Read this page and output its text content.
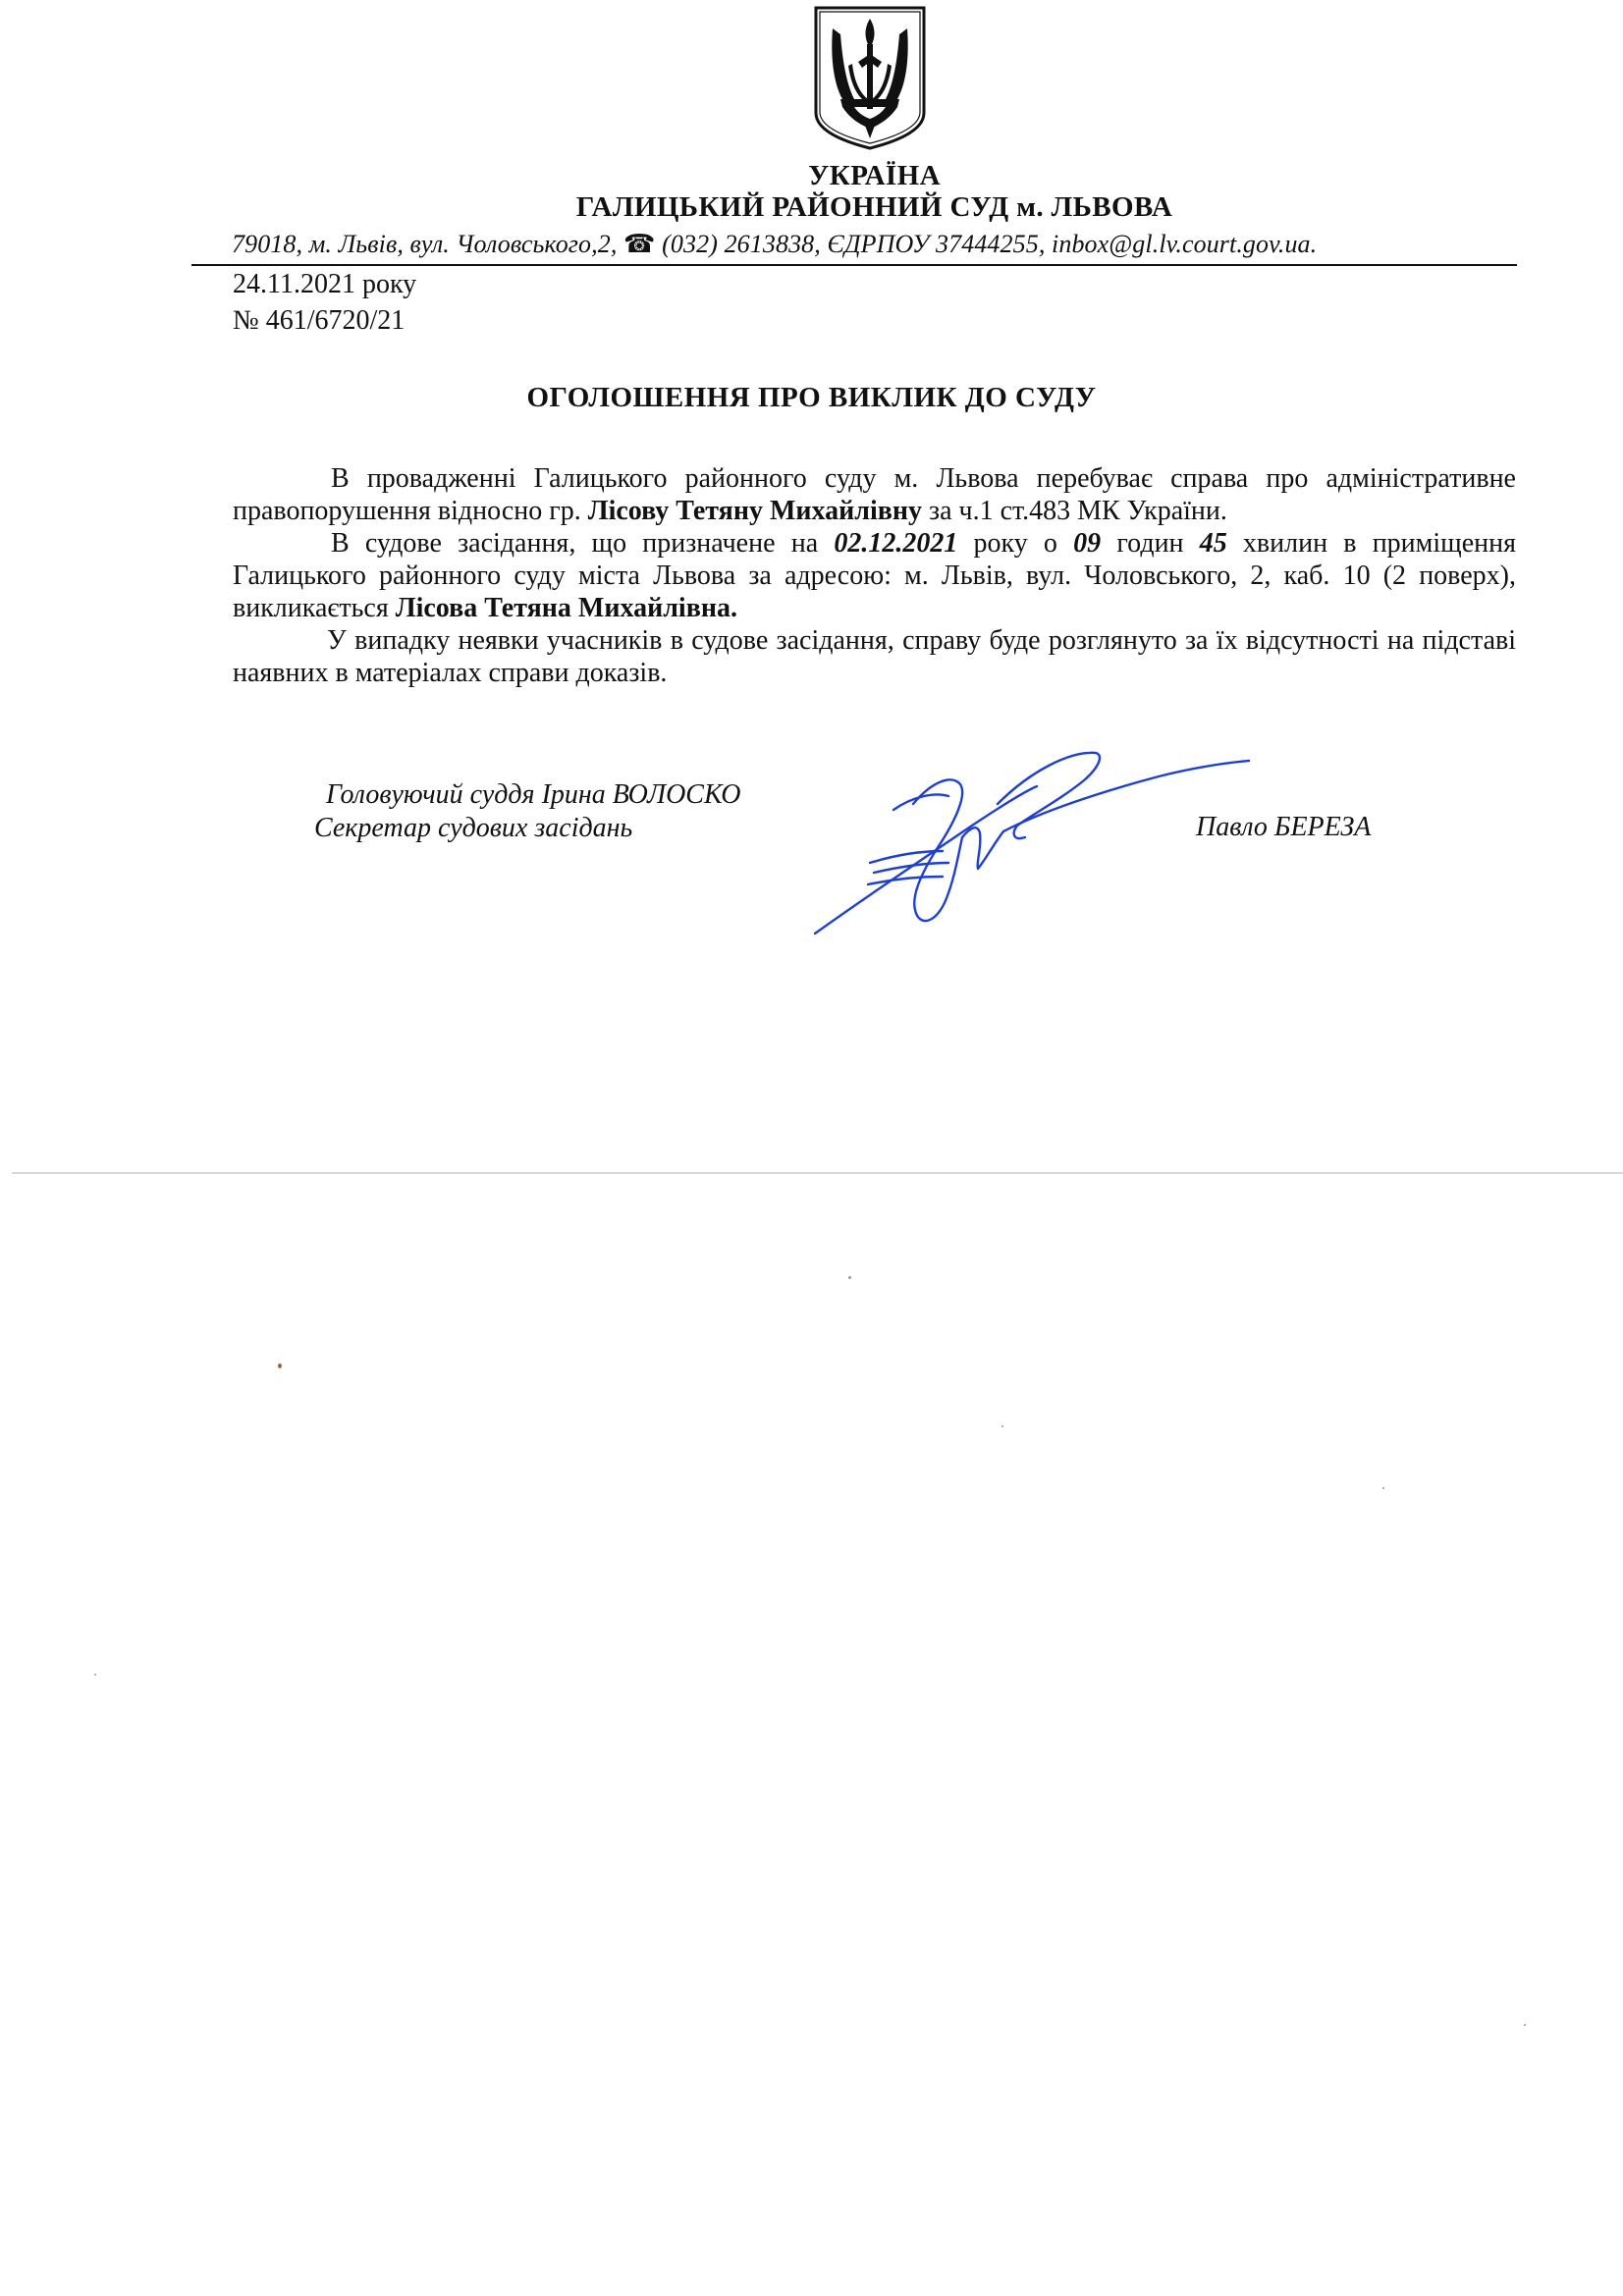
УКРАЇНА
ГАЛИЦЬКИЙ РАЙОННИЙ СУД м. ЛЬВОВА
79018, м. Львів, вул. Чоловського,2, ☎ (032) 2613838, ЄДРПОУ 37444255, inbox@gl.lv.court.gov.ua.
24.11.2021 року
№ 461/6720/21
ОГОЛОШЕННЯ ПРО ВИКЛИК ДО СУДУ

В провадженні Галицького районного суду м. Львова перебуває справа про адміністративне правопорушення відносно гр. Лісову Тетяну Михайлівну за ч.1 ст.483 МК України.

В судове засідання, що призначене на 02.12.2021 року о 09 годин 45 хвилин в приміщення Галицького районного суду міста Львова за адресою: м. Львів, вул. Чоловського, 2, каб. 10 (2 поверх), викликається Лісова Тетяна Михайлівна.

У випадку неявки учасників в судове засідання, справу буде розглянуто за їх відсутності на підставі наявних в матеріалах справи доказів.

Головуючий суддя Ірина ВОЛОСКО
Секретар судових засідань	Павло БЕРЕЗА
